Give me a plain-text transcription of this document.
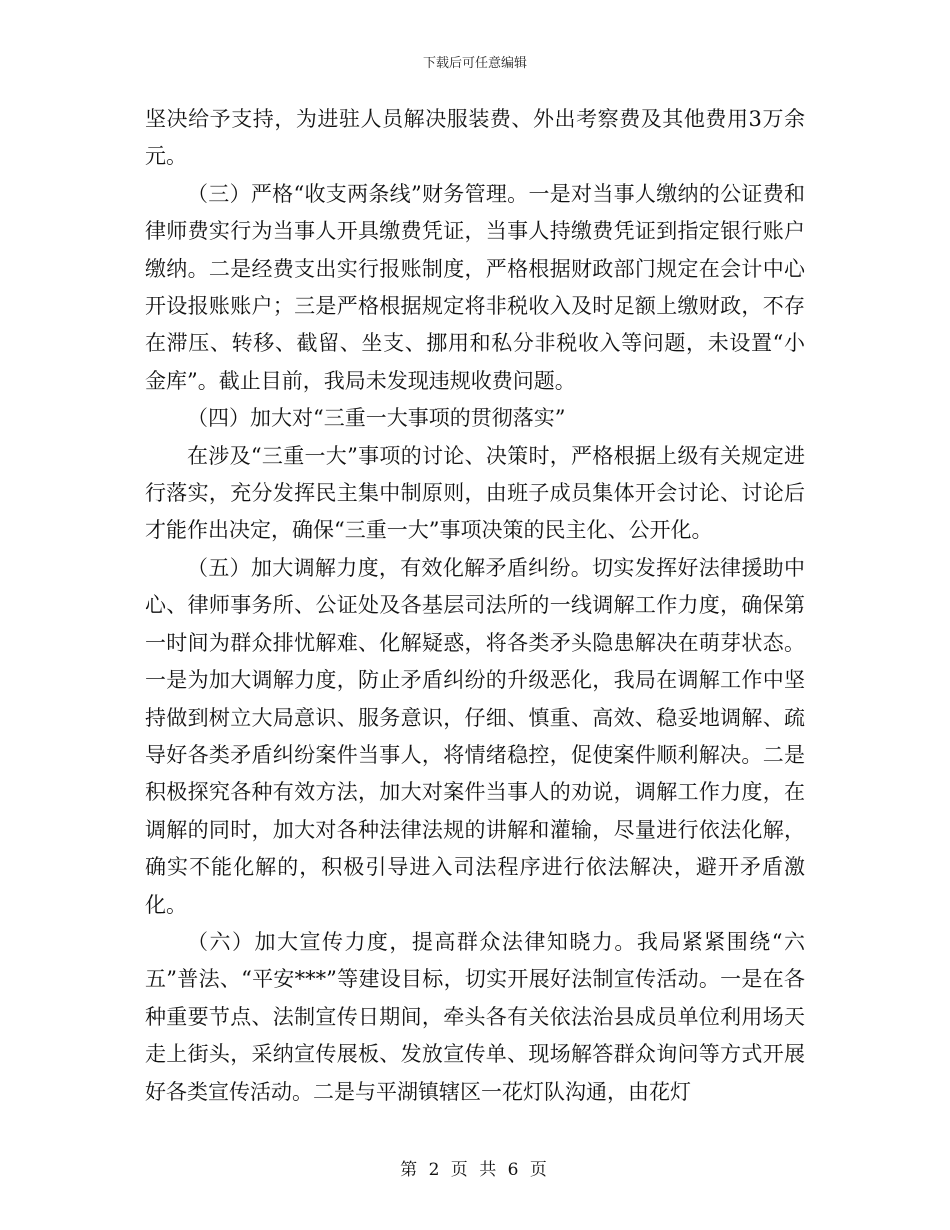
下载后可任意编辑

坚决给予支持，为进驻人员解决服装费、外出考察费及其他费用3万余元。

（三）严格“收支两条线”财务管理。一是对当事人缴纳的公证费和律师费实行为当事人开具缴费凭证，当事人持缴费凭证到指定银行账户缴纳。二是经费支出实行报账制度，严格根据财政部门规定在会计中心开设报账账户；三是严格根据规定将非税收入及时足额上缴财政，不存在滞压、转移、截留、坐支、挪用和私分非税收入等问题，未设置“小金库”。截止目前，我局未发现违规收费问题。

（四）加大对“三重一大事项的贯彻落实”

在涉及“三重一大”事项的讨论、决策时，严格根据上级有关规定进行落实，充分发挥民主集中制原则，由班子成员集体开会讨论、讨论后才能作出决定，确保“三重一大”事项决策的民主化、公开化。

（五）加大调解力度，有效化解矛盾纠纷。切实发挥好法律援助中心、律师事务所、公证处及各基层司法所的一线调解工作力度，确保第一时间为群众排忧解难、化解疑惑，将各类矛头隐患解决在萌芽状态。一是为加大调解力度，防止矛盾纠纷的升级恶化，我局在调解工作中坚持做到树立大局意识、服务意识，仔细、慎重、高效、稳妥地调解、疏导好各类矛盾纠纷案件当事人，将情绪稳控，促使案件顺利解决。二是积极探究各种有效方法，加大对案件当事人的劝说，调解工作力度，在调解的同时，加大对各种法律法规的讲解和灌输，尽量进行依法化解，确实不能化解的，积极引导进入司法程序进行依法解决，避开矛盾激化。

（六）加大宣传力度，提高群众法律知晓力。我局紧紧围绕“六五”普法、“平安***”等建设目标，切实开展好法制宣传活动。一是在各种重要节点、法制宣传日期间，牵头各有关依法治县成员单位利用场天走上街头，采纳宣传展板、发放宣传单、现场解答群众询问等方式开展好各类宣传活动。二是与平湖镇辖区一花灯队沟通，由花灯

第 2 页 共 6 页
